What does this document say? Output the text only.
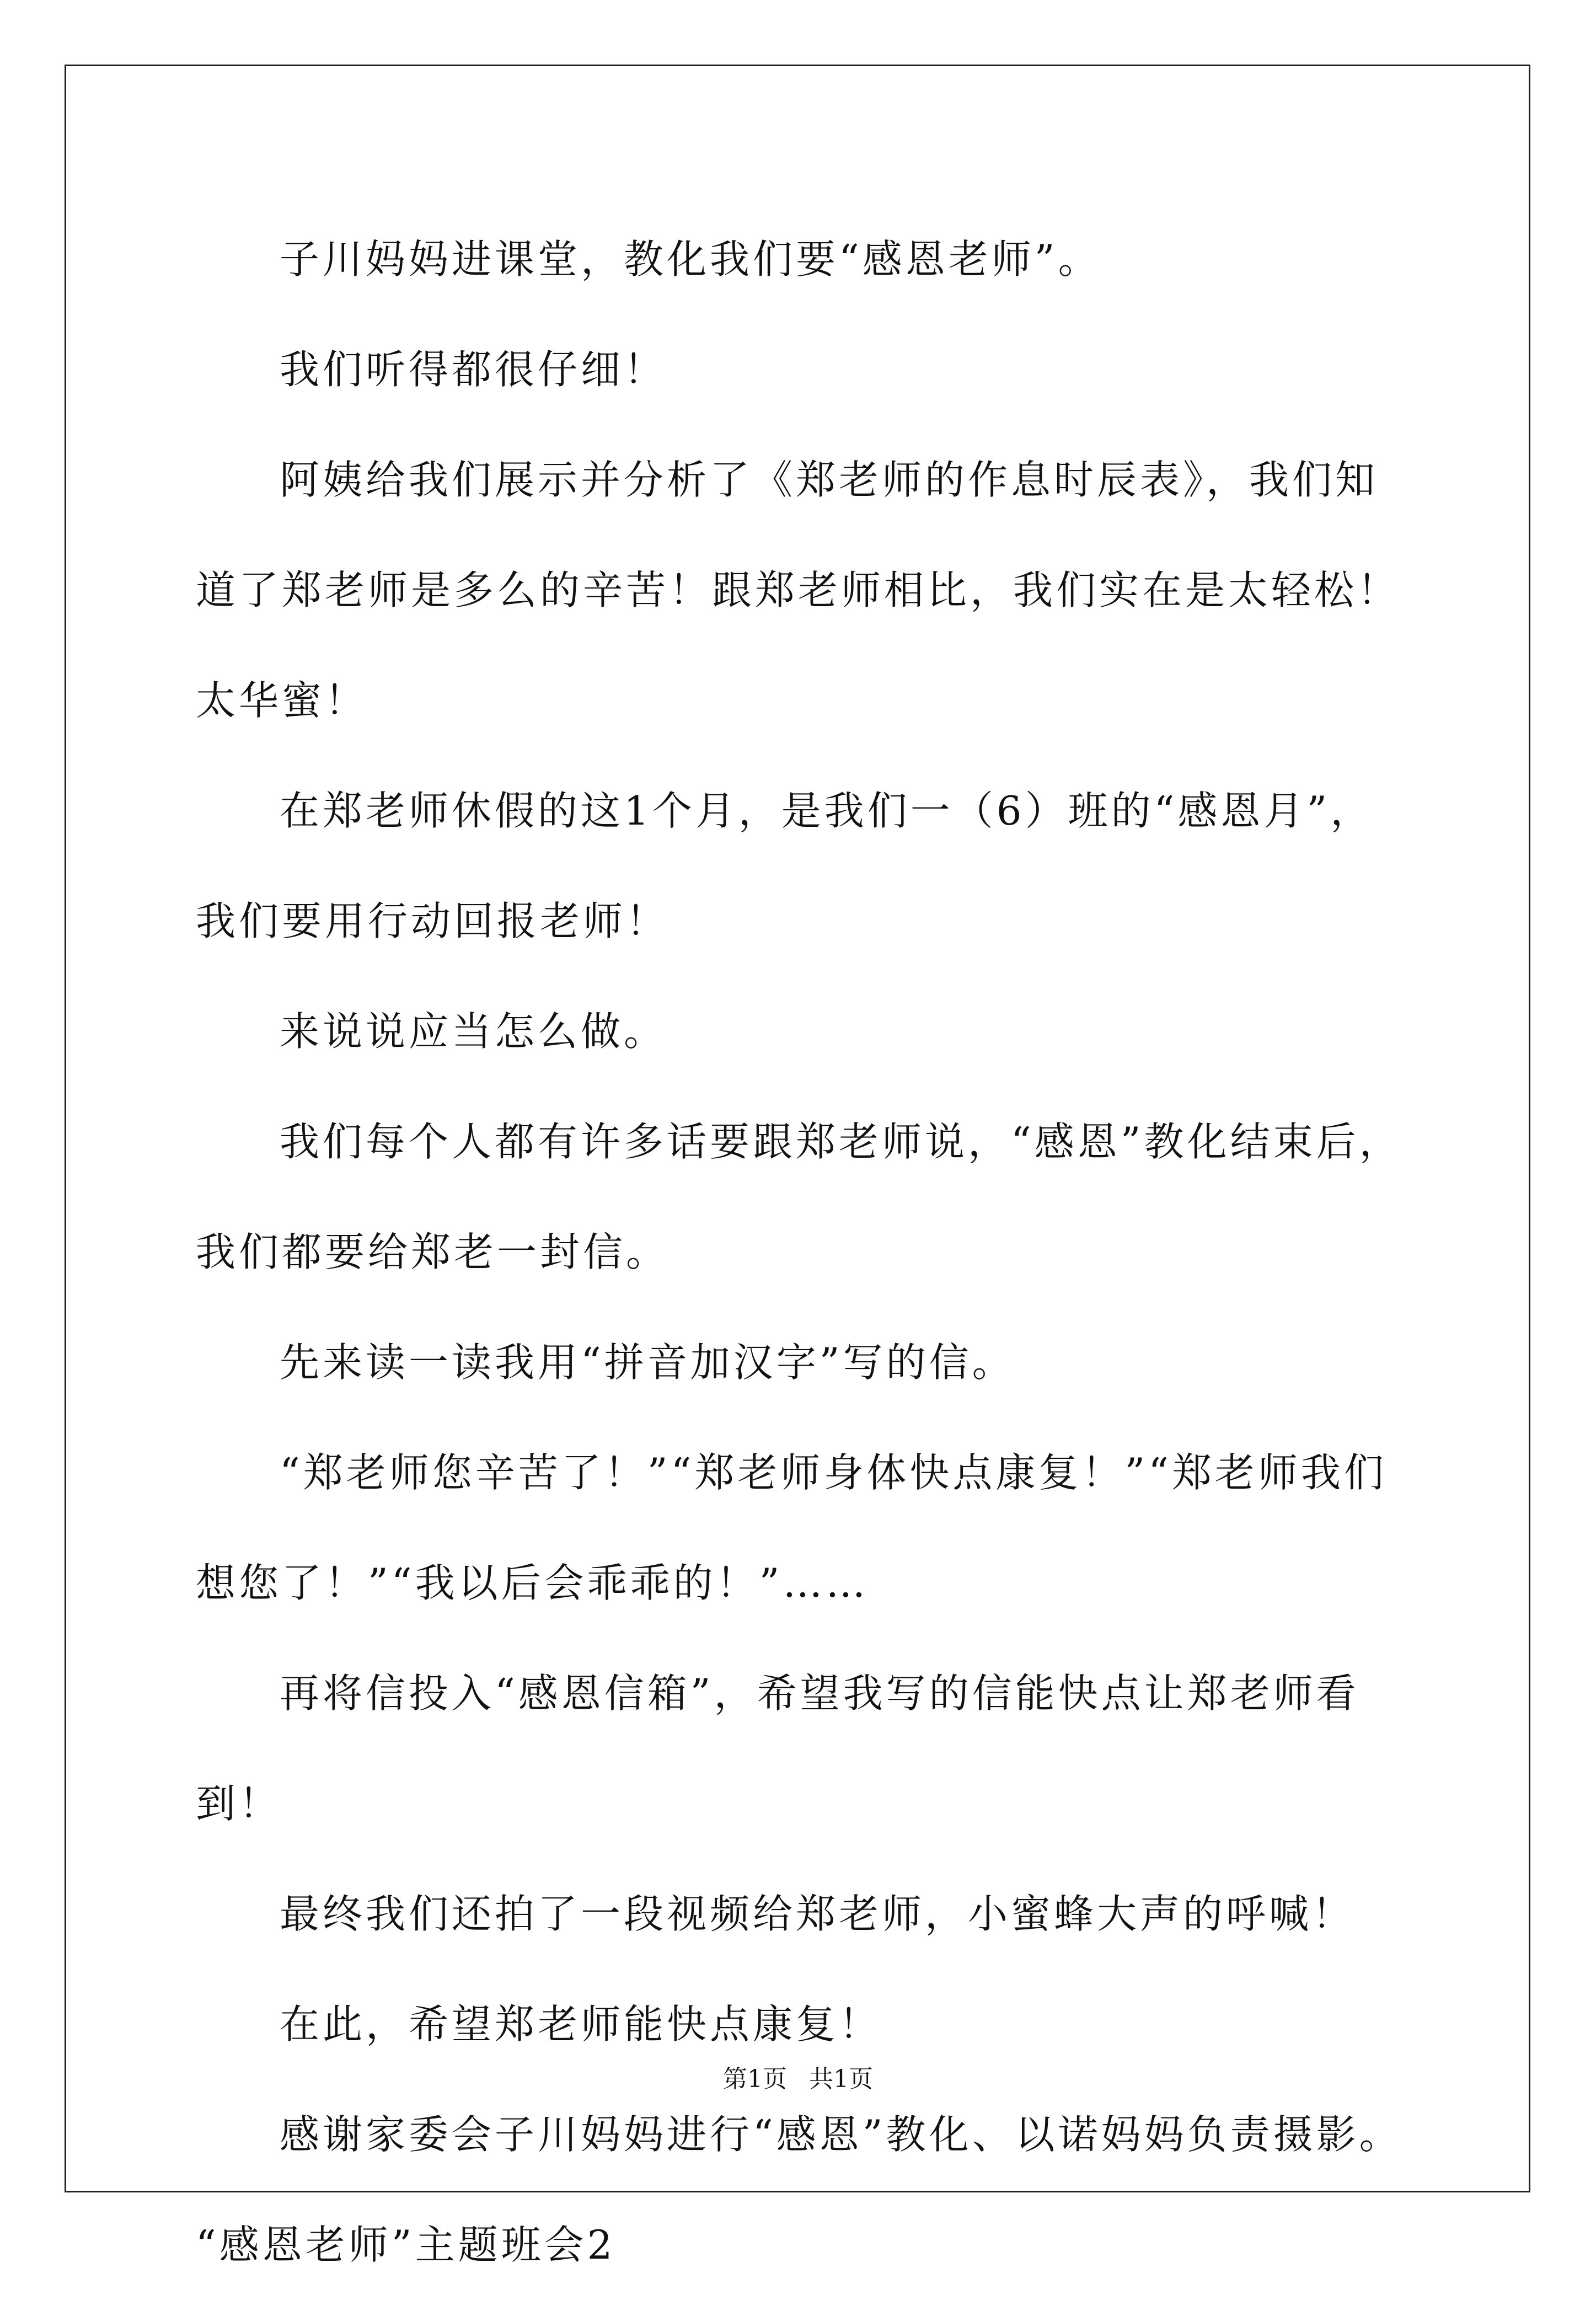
子川妈妈进课堂，教化我们要“感恩老师”。

我们听得都很仔细！

阿姨给我们展示并分析了《郑老师的作息时辰表》，我们知道了郑老师是多么的辛苦！跟郑老师相比，我们实在是太轻松！太华蜜！

在郑老师休假的这1个月，是我们一（6）班的“感恩月”，我们要用行动回报老师！

来说说应当怎么做。

我们每个人都有许多话要跟郑老师说，“感恩”教化结束后，我们都要给郑老一封信。

先来读一读我用“拼音加汉字”写的信。

“郑老师您辛苦了！”“郑老师身体快点康复！”“郑老师我们想您了！”“我以后会乖乖的！”……

再将信投入“感恩信箱”，希望我写的信能快点让郑老师看到！

最终我们还拍了一段视频给郑老师，小蜜蜂大声的呼喊！

在此，希望郑老师能快点康复！

感谢家委会子川妈妈进行“感恩”教化、以诺妈妈负责摄影。

“感恩老师”主题班会2

第1页 共1页
